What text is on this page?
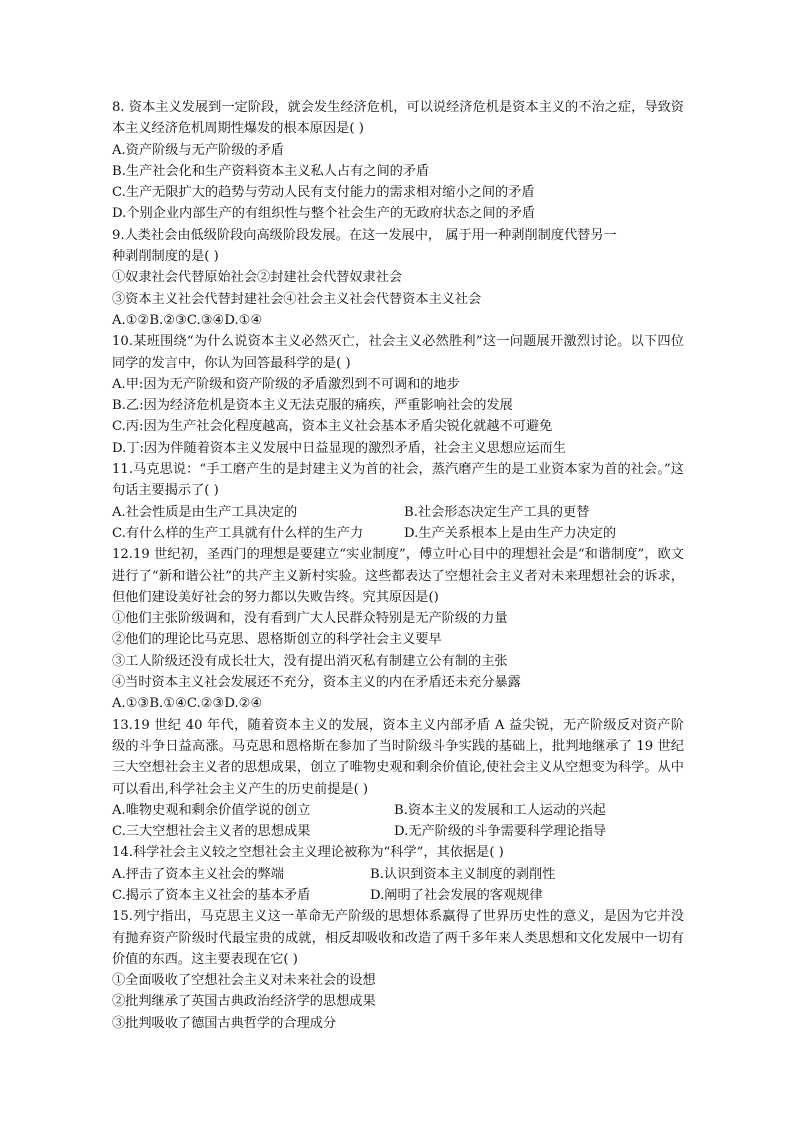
8. 资本主义发展到一定阶段，就会发生经济危机，可以说经济危机是资本主义的不治之症，导致资本主义经济危机周期性爆发的根本原因是( )
A.资产阶级与无产阶级的矛盾
B.生产社会化和生产资料资本主义私人占有之间的矛盾
C.生产无限扩大的趋势与劳动人民有支付能力的需求相对缩小之间的矛盾
D.个别企业内部生产的有组织性与整个社会生产的无政府状态之间的矛盾
9.人类社会由低级阶段向高级阶段发展。在这一发展中， 属于用一种剥削制度代替另一
种剥削制度的是( )
①奴隶社会代替原始社会②封建社会代替奴隶社会
③资本主义社会代替封建社会④社会主义社会代替资本主义社会
A.①②B.②③C.③④D.①④
10.某班围绕“为什么说资本主义必然灭亡，社会主义必然胜利”这一问题展开激烈讨论。以下四位同学的发言中，你认为回答最科学的是( )
A.甲:因为无产阶级和资产阶级的矛盾激烈到不可调和的地步
B.乙:因为经济危机是资本主义无法克服的痛疾，严重影响社会的发展
C.丙:因为生产社会化程度越高，资本主义社会基本矛盾尖锐化就越不可避免
D.丁:因为伴随着资本主义发展中日益显现的激烈矛盾，社会主义思想应运而生
11.马克思说：“手工磨产生的是封建主义为首的社会，蒸汽磨产生的是工业资本家为首的社会。”这句话主要揭示了( )
A.社会性质是由生产工具决定的	B.社会形态决定生产工具的更替
C.有什么样的生产工具就有什么样的生产力	D.生产关系根本上是由生产力决定的
12.19 世纪初，圣西门的理想是要建立“实业制度”，傅立叶心目中的理想社会是“和谐制度”，欧文进行了“新和谐公社”的共产主义新村实验。这些都表达了空想社会主义者对未来理想社会的诉求，但他们建设美好社会的努力都以失败告终。究其原因是()
①他们主张阶级调和，没有看到广大人民群众特别是无产阶级的力量
②他们的理论比马克思、恩格斯创立的科学社会主义要早
③工人阶级还没有成长壮大，没有提出消灭私有制建立公有制的主张
④当时资本主义社会发展还不充分，资本主义的内在矛盾还未充分暴露
A.①③B.①④C.②③D.②④
13.19 世纪 40 年代，随着资本主义的发展，资本主义内部矛盾 A 益尖锐，无产阶级反对资产阶级的斗争日益高涨。马克思和恩格斯在参加了当时阶级斗争实践的基础上，批判地继承了 19 世纪三大空想社会主义者的思想成果，创立了唯物史观和剩余价值论,使社会主义从空想变为科学。从中可以看出,科学社会主义产生的历史前提是( )
A.唯物史观和剩余价值学说的创立	B.资本主义的发展和工人运动的兴起
C.三大空想社会主义者的思想成果	D.无产阶级的斗争需要科学理论指导
14.科学社会主义较之空想社会主义理论被称为“科学”，其依据是( )
A.抨击了资本主义社会的弊端	B.认识到资本主义制度的剥削性
C.揭示了资本主义社会的基本矛盾	D.阐明了社会发展的客观规律
15.列宁指出，马克思主义这一革命无产阶级的思想体系赢得了世界历史性的意义，是因为它并没有抛弃资产阶级时代最宝贵的成就，相反却吸收和改造了两千多年来人类思想和文化发展中一切有价值的东西。这主要表现在它( )
①全面吸收了空想社会主义对未来社会的设想
②批判继承了英国古典政治经济学的思想成果
③批判吸收了德国古典哲学的合理成分
